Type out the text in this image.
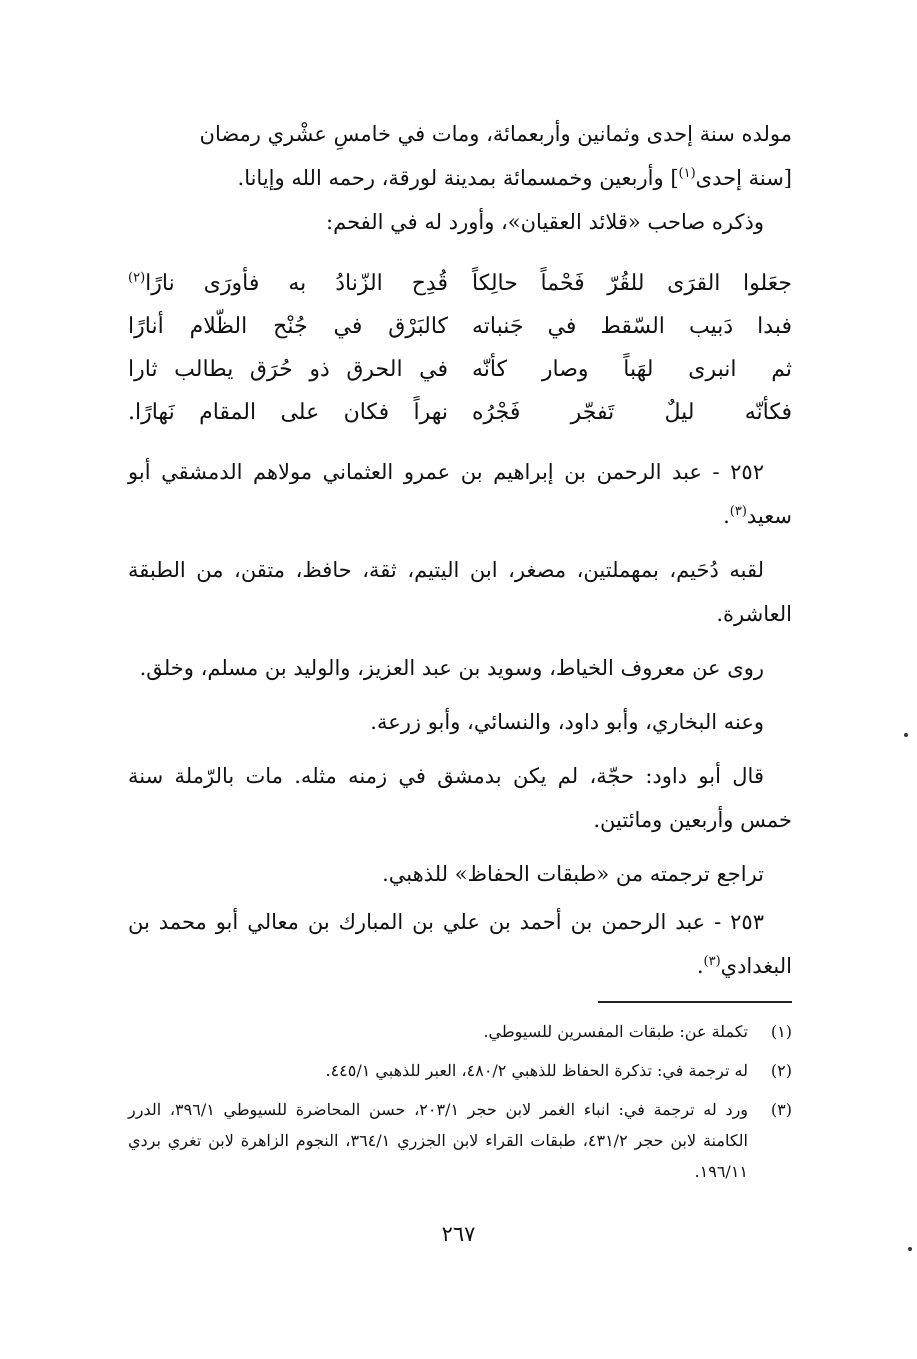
مولده سنة إحدى وثمانين وأربعمائة، ومات في خامسِ عشْري رمضان

[سنة إحدى$^{(١)}$] وأربعين وخمسمائة بمدينة لورقة، رحمه الله وإيانا.

وذكره صاحب «قلائد العقيان»، وأورد له في الفحم:

جعَلوا القرَى للقُرّ فَحْماً حالِكاً
قُدِح الزّنادُ به فأورَى نارًا$^{(٢)}$
فبدا دَبيب السّقط في جَنباته
كالبَرْق في جُنْح الظّلام أنارًا
ثم انبرى لهَباً وصار كأنّه
في الحرق ذو حُرَق يطالب ثارا
فكأنّه ليلٌ تَفجّر فَجْرُه
نهراً فكان على المقام نَهارًا.

٢٥٢ - عبد الرحمن بن إبراهيم بن عمرو العثماني مولاهم الدمشقي أبو سعيد$^{(٣)}$.

لقبه دُحَيم، بمهملتين، مصغر، ابن اليتيم، ثقة، حافظ، متقن، من الطبقة العاشرة.

روى عن معروف الخياط، وسويد بن عبد العزيز، والوليد بن مسلم، وخلق.

وعنه البخاري، وأبو داود، والنسائي، وأبو زرعة.

قال أبو داود: حجّة، لم يكن بدمشق في زمنه مثله. مات بالرّملة سنة خمس وأربعين ومائتين.

تراجع ترجمته من «طبقات الحفاظ» للذهبي.

٢٥٣ - عبد الرحمن بن أحمد بن علي بن المبارك بن معالي أبو محمد بن البغدادي$^{(٣)}$.

(١)
تكملة عن: طبقات المفسرين للسيوطي.
(٢)
له ترجمة في: تذكرة الحفاظ للذهبي ٤٨٠/٢، العبر للذهبي ٤٤٥/١.
(٣)
ورد له ترجمة في: انباء الغمر لابن حجر ٢٠٣/١، حسن المحاضرة للسيوطي ٣٩٦/١، الدرر الكامنة لابن حجر ٤٣١/٢، طبقات القراء لابن الجزري ٣٦٤/١، النجوم الزاهرة لابن تغري بردي ١٩٦/١١.
٢٦٧
